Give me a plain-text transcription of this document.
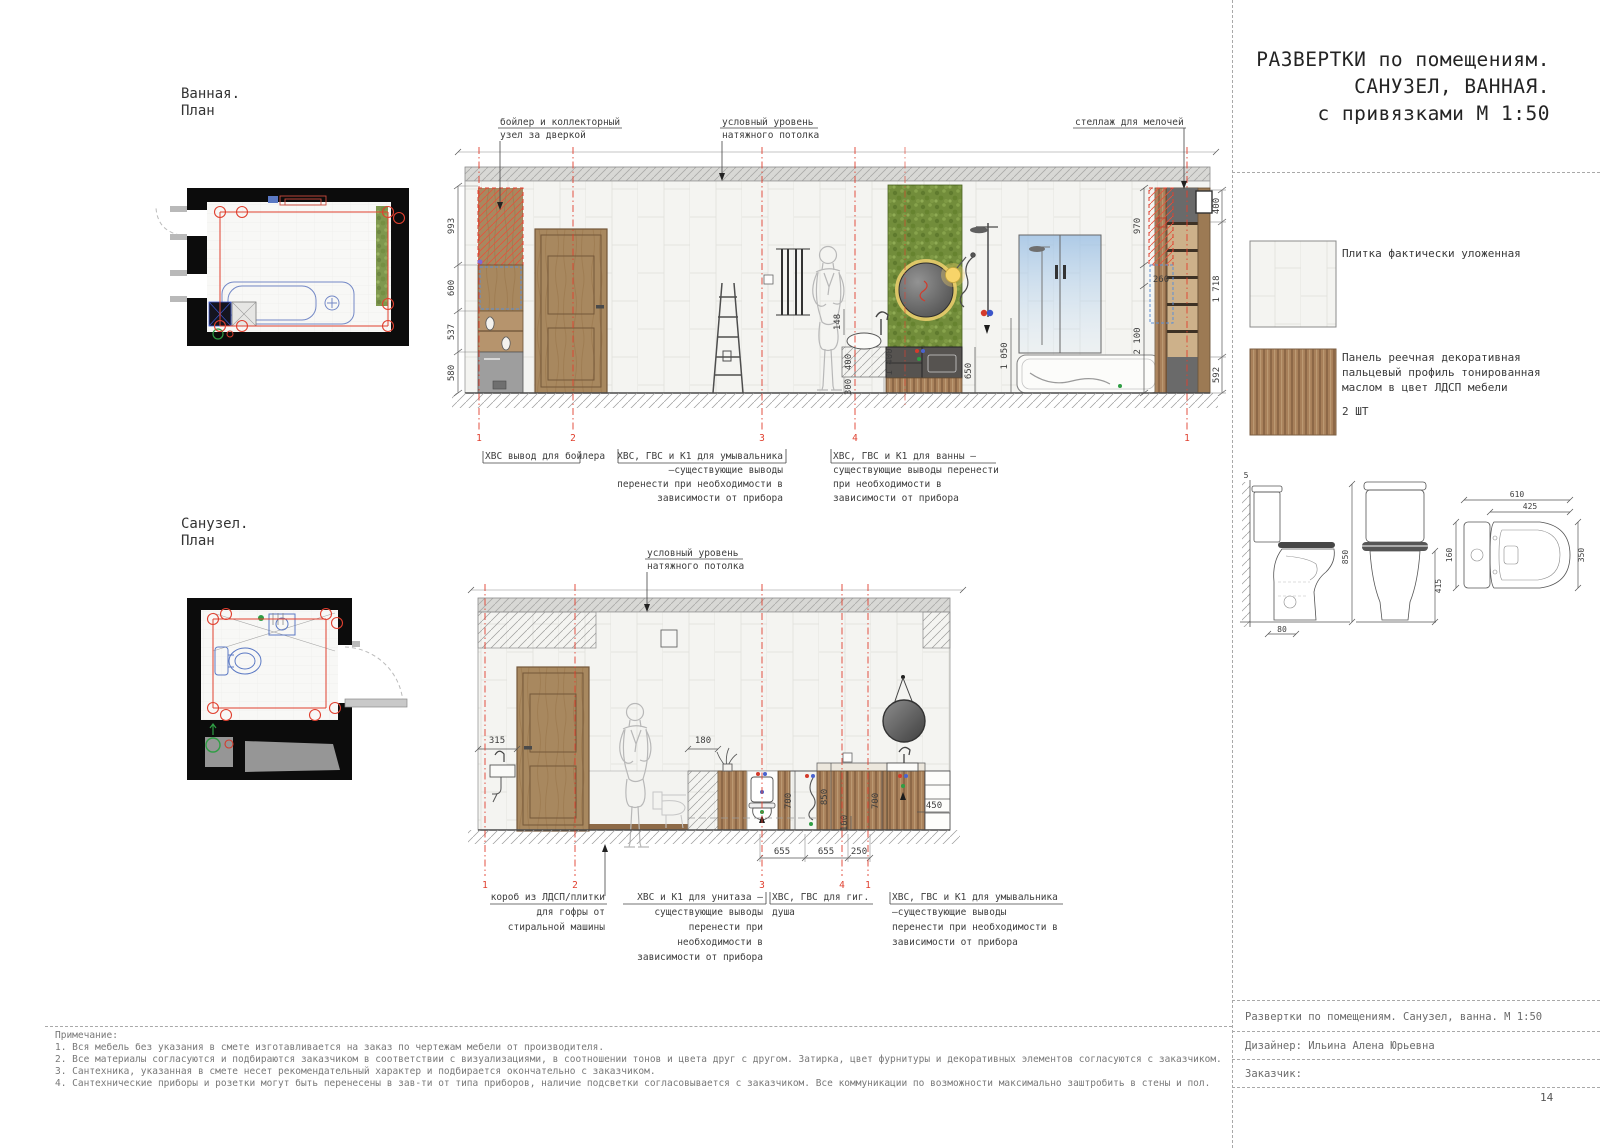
РАЗВЕРТКИ по помещениям.
САНУЗЕЛ, ВАННАЯ.
с привязками М 1:50
Плитка фактически уложенная
Панель реечная декоративная
пальцевый профиль тонированная
маслом в цвет ЛДСП мебели
2 ШТ
80
5
850
415
610
425
160	350
Развертки по помещениям. Санузел, ванна. М 1:50
Дизайнер: Ильина Алена Юрьевна
Заказчик:
14
Ванная.
План
Санузел.
План
993
600
537
580
148
400
300
1 400	650
1 050
970
260
2 100
400
1 718
592
1	2	3	4	1
бойлер и коллекторный
узел за дверкой
условный уровень
натяжного потолка
стеллаж для мелочей
ХВС вывод для бойлера ХВС, ГВС и К1 для умывальника
–существующие выводы
перенести при необходимости в
зависимости от прибора
ХВС, ГВС и К1 для ванны –
существующие выводы перенести
при необходимости в
зависимости от прибора
315	180
700	850
100
700	450
655	655 250
1	2	3	4 1
условный уровень
натяжного потолка
короб из ЛДСП/плитки
для гофры от
стиральной машины
ХВС и К1 для унитаза –
существующие выводы
перенести при
необходимости в
зависимости от прибора
ХВС, ГВС для гиг.
душа
ХВС, ГВС и К1 для умывальника
–существующие выводы
перенести при необходимости в
зависимости от прибора
Примечание:
1. Вся мебель без указания в смете изготавливается на заказ по чертежам мебели от производителя.
2. Все материалы согласуются и подбираются заказчиком в соответствии с визуализациями, в соотношении тонов и цвета друг с другом. Затирка, цвет фурнитуры и декоративных элементов согласуются с заказчиком.
3. Сантехника, указанная в смете несет рекомендательный характер и подбирается окончательно с заказчиком.
4. Сантехнические приборы и розетки могут быть перенесены в зав-ти от типа приборов, наличие подсветки согласовывается с заказчиком. Все коммуникации по возможности максимально заштробить в стены и пол.
